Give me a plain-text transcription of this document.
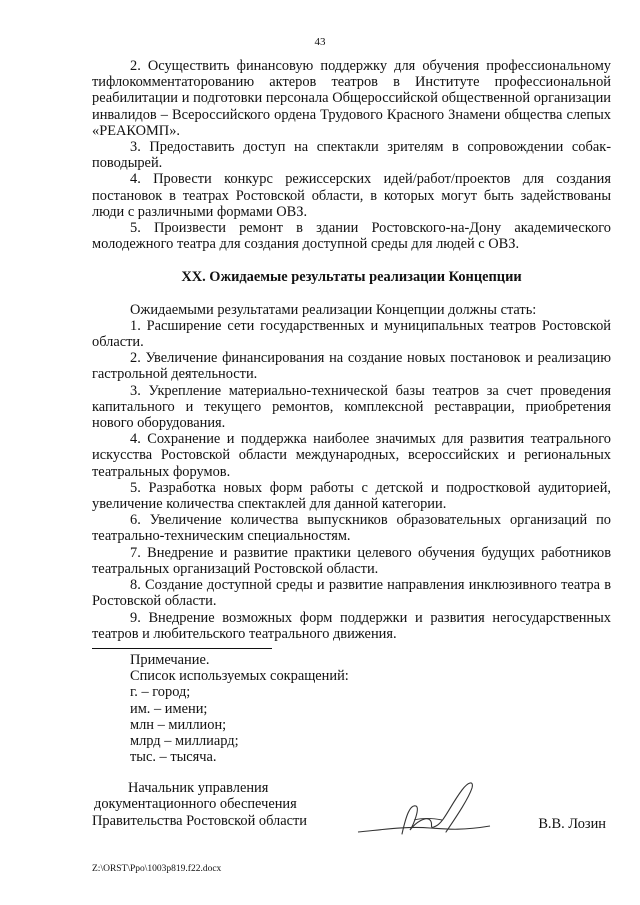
43

2. Осуществить финансовую поддержку для обучения профессиональному тифлокомментаторованию актеров театров в Институте профессиональной реабилитации и подготовки персонала Общероссийской общественной организации инвалидов – Всероссийского ордена Трудового Красного Знамени общества слепых «РЕАКОМП».

3. Предоставить доступ на спектакли зрителям в сопровождении собак-поводырей.

4. Провести конкурс режиссерских идей/работ/проектов для создания постановок в театрах Ростовской области, в которых могут быть задействованы люди с различными формами ОВЗ.

5. Произвести ремонт в здании Ростовского-на-Дону академического молодежного театра для создания доступной среды для людей с ОВЗ.

XX. Ожидаемые результаты реализации Концепции

Ожидаемыми результатами реализации Концепции должны стать:

1. Расширение сети государственных и муниципальных театров Ростовской области.

2. Увеличение финансирования на создание новых постановок и реализацию гастрольной деятельности.

3. Укрепление материально-технической базы театров за счет проведения капитального и текущего ремонтов, комплексной реставрации, приобретения нового оборудования.

4. Сохранение и поддержка наиболее значимых для развития театрального искусства Ростовской области международных, всероссийских и региональных театральных форумов.

5. Разработка новых форм работы с детской и подростковой аудиторией, увеличение количества спектаклей для данной категории.

6. Увеличение количества выпускников образовательных организаций по театрально-техническим специальностям.

7. Внедрение и развитие практики целевого обучения будущих работников театральных организаций Ростовской области.

8. Создание доступной среды и развитие направления инклюзивного театра в Ростовской области.

9. Внедрение возможных форм поддержки и развития негосударственных театров и любительского театрального движения.

Примечание.
Список используемых сокращений:
г. – город;
им. – имени;
млн – миллион;
млрд – миллиард;
тыс. – тысяча.
Начальник управления
документационного обеспечения
Правительства Ростовской области	В.В. Лозин
Z:\ORST\Ppo\1003p819.f22.docx
